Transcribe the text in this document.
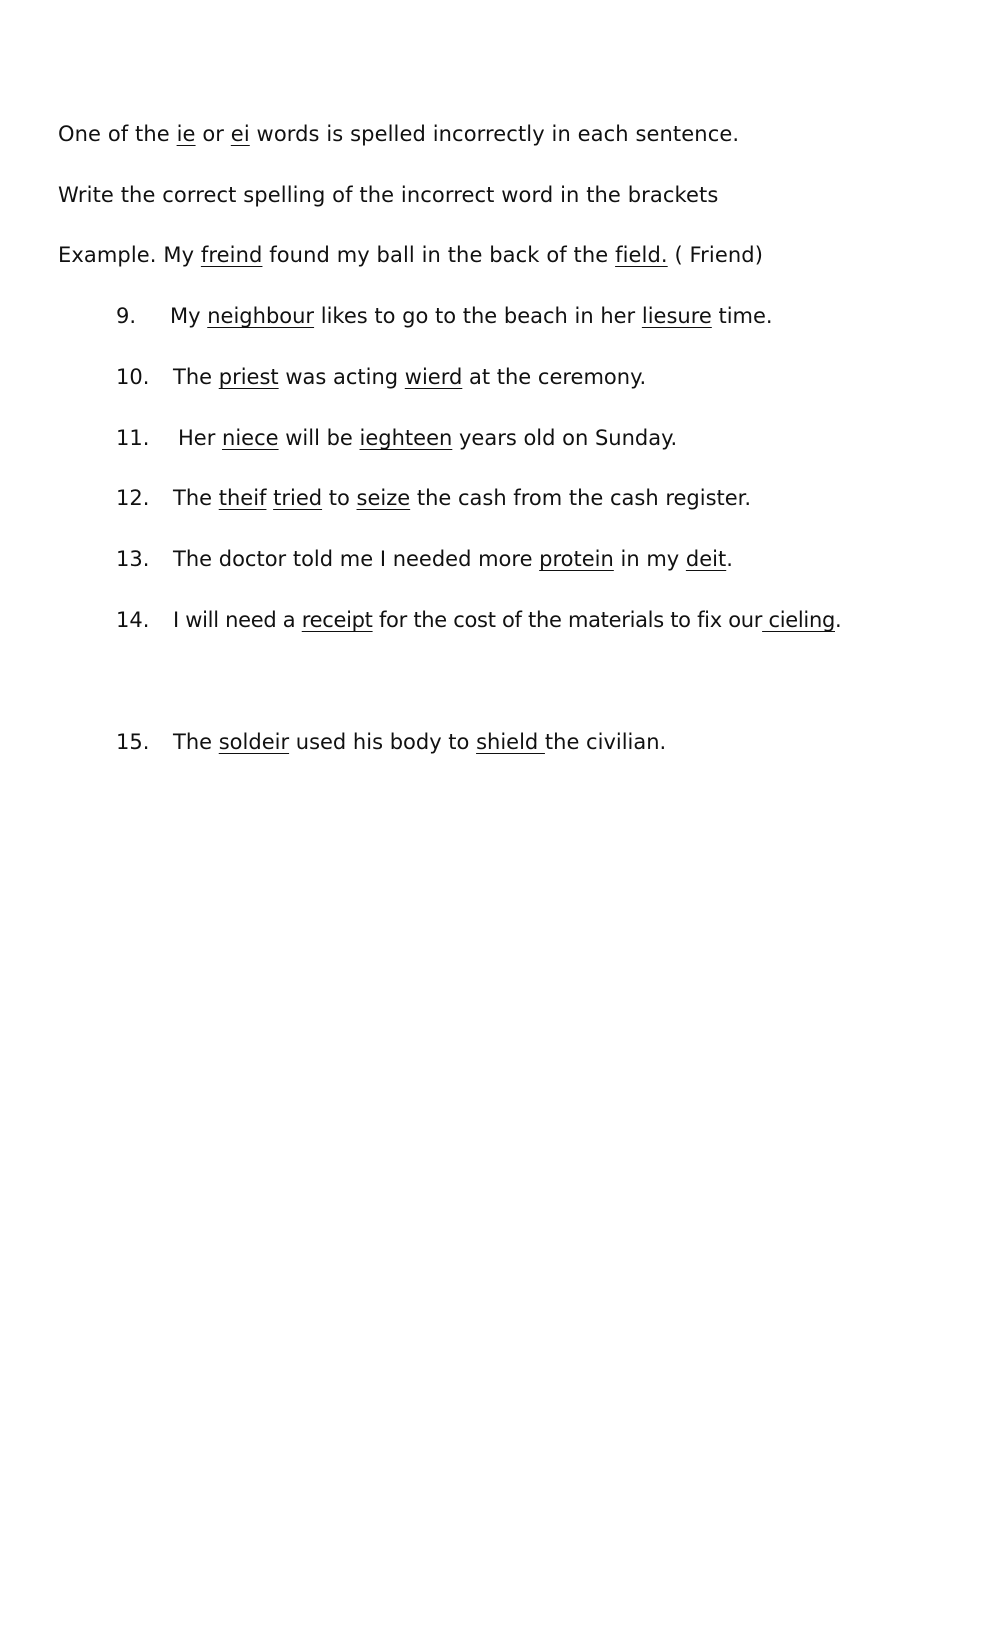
One of the ie or ei words is spelled incorrectly in each sentence.
Write the correct spelling of the incorrect word in the brackets
Example. My freind found my ball in the back of the field. ( Friend)
9. My neighbour likes to go to the beach in her liesure time.
10. The priest was acting wierd at the ceremony.
11. Her niece will be ieghteen years old on Sunday.
12. The theif tried to seize the cash from the cash register.
13. The doctor told me I needed more protein in my deit.
14. I will need a receipt for the cost of the materials to fix our cieling.
15. The soldeir used his body to shield the civilian.
